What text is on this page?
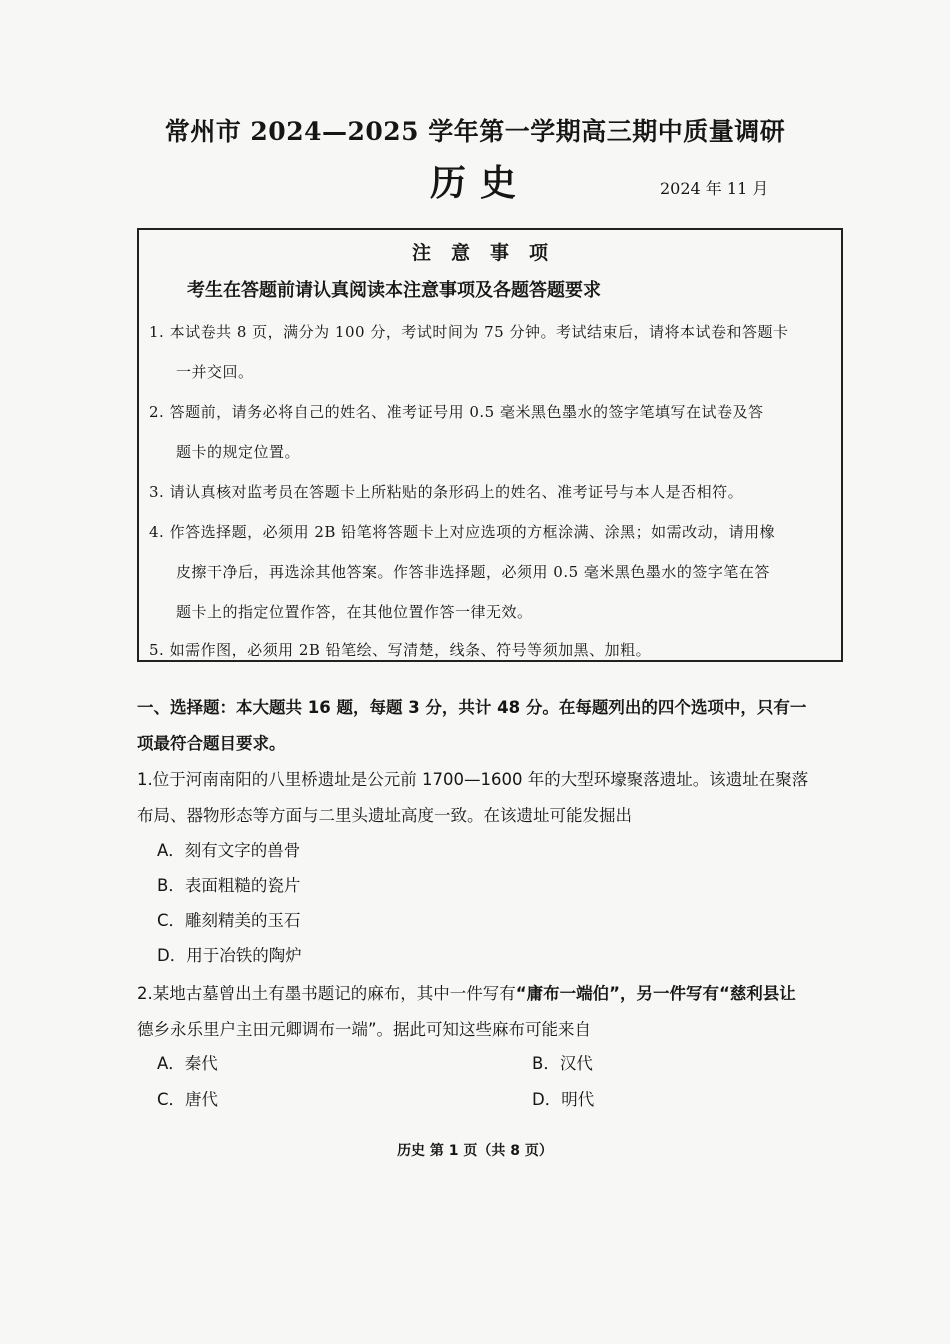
常州市 2024—2025 学年第一学期高三期中质量调研
历史	2024 年 11 月
注意事项
考生在答题前请认真阅读本注意事项及各题答题要求
1. 本试卷共 8 页，满分为 100 分，考试时间为 75 分钟。考试结束后，请将本试卷和答题卡
一并交回。
2. 答题前，请务必将自己的姓名、准考证号用 0.5 毫米黑色墨水的签字笔填写在试卷及答
题卡的规定位置。
3. 请认真核对监考员在答题卡上所粘贴的条形码上的姓名、准考证号与本人是否相符。
4. 作答选择题，必须用 2B 铅笔将答题卡上对应选项的方框涂满、涂黑；如需改动，请用橡
皮擦干净后，再选涂其他答案。作答非选择题，必须用 0.5 毫米黑色墨水的签字笔在答
题卡上的指定位置作答，在其他位置作答一律无效。
5. 如需作图，必须用 2B 铅笔绘、写清楚，线条、符号等须加黑、加粗。
一、选择题：本大题共 16 题，每题 3 分，共计 48 分。在每题列出的四个选项中，只有一
项最符合题目要求。
1.位于河南南阳的八里桥遗址是公元前 1700—1600 年的大型环壕聚落遗址。该遗址在聚落
布局、器物形态等方面与二里头遗址高度一致。在该遗址可能发掘出
A．刻有文字的兽骨
B．表面粗糙的瓷片
C．雕刻精美的玉石
D．用于冶铁的陶炉
2.某地古墓曾出土有墨书题记的麻布，其中一件写有“庸布一端伯”，另一件写有“慈利县让
德乡永乐里户主田元卿调布一端”。据此可知这些麻布可能来自
A．秦代	B．汉代
C．唐代	D．明代
历史 第 1 页（共 8 页）
